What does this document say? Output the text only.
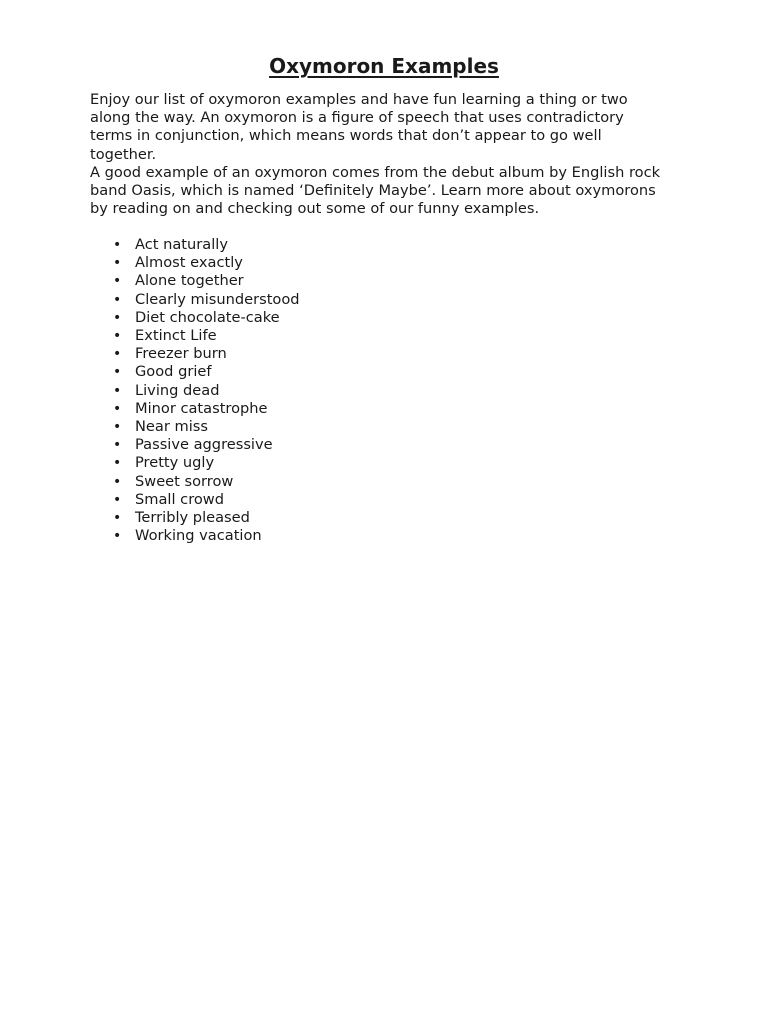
Oxymoron Examples

Enjoy our list of oxymoron examples and have fun learning a thing or two along the way. An oxymoron is a figure of speech that uses contradictory terms in conjunction, which means words that don’t appear to go well together.

A good example of an oxymoron comes from the debut album by English rock band Oasis, which is named ‘Definitely Maybe’. Learn more about oxymorons by reading on and checking out some of our funny examples.

• Act naturally
• Almost exactly
• Alone together
• Clearly misunderstood
• Diet chocolate-cake
• Extinct Life
• Freezer burn
• Good grief
• Living dead
• Minor catastrophe
• Near miss
• Passive aggressive
• Pretty ugly
• Sweet sorrow
• Small crowd
• Terribly pleased
• Working vacation
